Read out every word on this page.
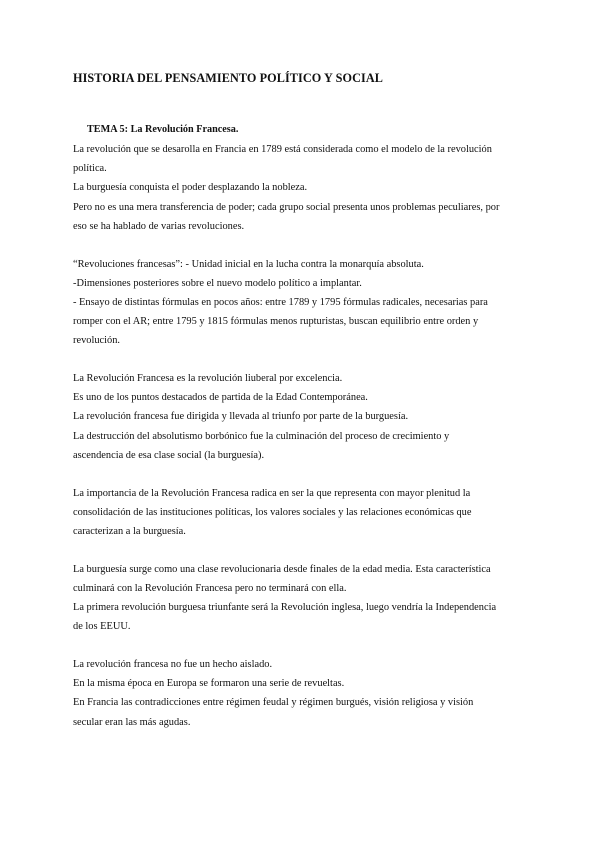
HISTORIA DEL PENSAMIENTO POLÍTICO Y SOCIAL
TEMA 5: La Revolución Francesa.
La revolución que se desarolla en Francia en 1789 está considerada como el modelo de la revolución
política.
La burguesía conquista el poder desplazando la nobleza.
Pero no es una mera transferencia de poder; cada grupo social presenta unos problemas peculiares, por
eso se ha hablado de varias revoluciones.
“Revoluciones francesas”: - Unidad inicial en la lucha contra la monarquía absoluta.
-Dimensiones posteriores sobre el nuevo modelo político a implantar.
- Ensayo de distintas fórmulas en pocos años: entre 1789 y 1795 fórmulas radicales, necesarias para
romper con el AR; entre 1795 y 1815 fórmulas menos rupturistas, buscan equilibrio entre orden y
revolución.
La Revolución Francesa es la revolución liuberal por excelencia.
Es uno de los puntos destacados de partida de la Edad Contemporánea.
La revolución francesa fue dirigida y llevada al triunfo por parte de la burguesía.
La destrucción del absolutismo borbónico fue la culminación del proceso de crecimiento y
ascendencia de esa clase social (la burguesía).
La importancia de la Revolución Francesa radica en ser la que representa con mayor plenitud la
consolidación de las instituciones políticas, los valores sociales y las relaciones económicas que
caracterizan a la burguesía.
La burguesía surge como una clase revolucionaria desde finales de la edad media. Esta característica
culminará con la Revolución Francesa pero no terminará con ella.
La primera revolución burguesa triunfante será la Revolución inglesa, luego vendría la Independencia
de los EEUU.
La revolución francesa no fue un hecho aislado.
En la misma época en Europa se formaron una serie de revueltas.
En Francia las contradicciones entre régimen feudal y régimen burgués, visión religiosa y visión
secular eran las más agudas.
